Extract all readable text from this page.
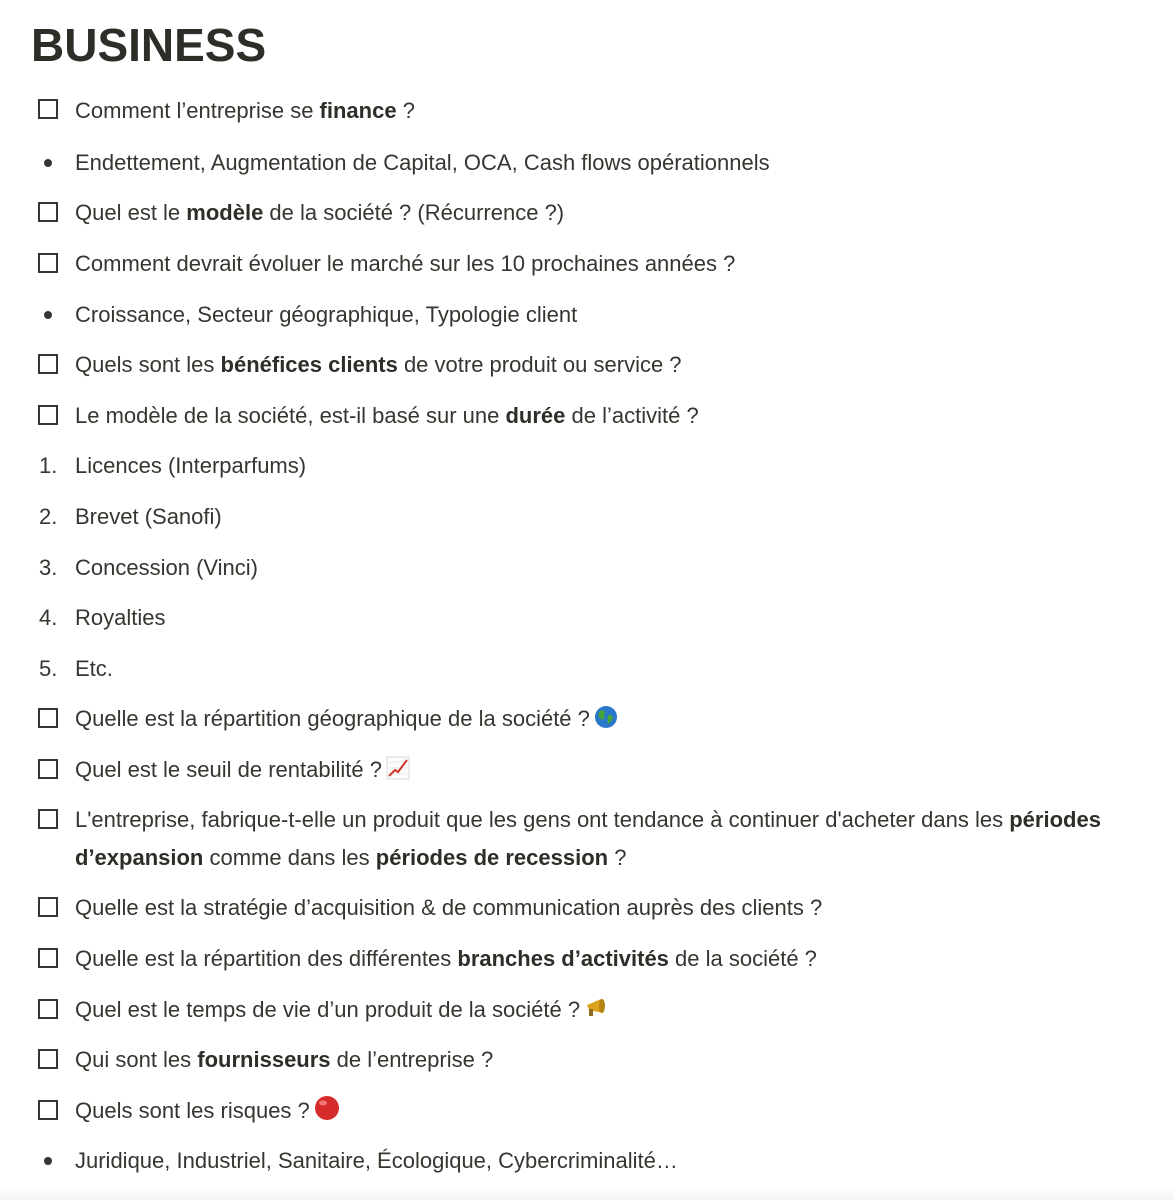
BUSINESS
Comment l’entreprise se finance ?
Endettement, Augmentation de Capital, OCA, Cash flows opérationnels
Quel est le modèle de la société ? (Récurrence ?)
Comment devrait évoluer le marché sur les 10 prochaines années ?
Croissance, Secteur géographique, Typologie client
Quels sont les bénéfices clients de votre produit ou service ?
Le modèle de la société, est-il basé sur une durée de l’activité ?
1. Licences (Interparfums)
2. Brevet (Sanofi)
3. Concession (Vinci)
4. Royalties
5. Etc.
Quelle est la répartition géographique de la société ?
Quel est le seuil de rentabilité ?
L'entreprise, fabrique-t-elle un produit que les gens ont tendance à continuer d'acheter dans les périodes d’expansion comme dans les périodes de recession ?
Quelle est la stratégie d’acquisition & de communication auprès des clients ?
Quelle est la répartition des différentes branches d’activités de la société ?
Quel est le temps de vie d’un produit de la société ?
Qui sont les fournisseurs de l’entreprise ?
Quels sont les risques ?
Juridique, Industriel, Sanitaire, Écologique, Cybercriminalité…
